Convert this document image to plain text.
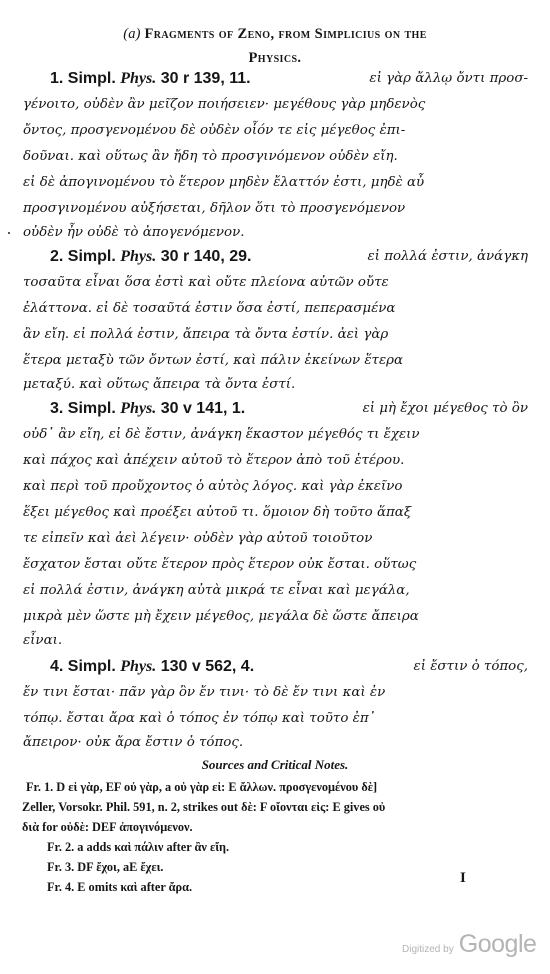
(a) Fragments of Zeno, from Simplicius on the
Physics.
1. Simpl. Phys. 30 r 139, 11.	εἰ γὰρ ἄλλῳ ὄντι προσ-
γένοιτο, οὐδὲν ἂν μεῖζον ποιήσειεν· μεγέθους γὰρ μηδενὸς
ὄντος, προσγενομένου δὲ οὐδὲν οἷόν τε εἰς μέγεθος ἐπι-
δοῦναι. καὶ οὕτως ἂν ἤδη τὸ προσγινόμενον οὐδὲν εἴη.
εἰ δὲ ἀπογινομένου τὸ ἕτερον μηδὲν ἔλαττόν ἐστι, μηδὲ αὖ
προσγινομένου αὐξήσεται, δῆλον ὅτι τὸ προσγενόμενον
οὐδὲν ἦν οὐδὲ τὸ ἀπογενόμενον.
2. Simpl. Phys. 30 r 140, 29.	εἰ πολλά ἐστιν, ἀνάγκη
τοσαῦτα εἶναι ὅσα ἐστὶ καὶ οὔτε πλείονα αὐτῶν οὔτε
ἐλάττονα. εἰ δὲ τοσαῦτά ἐστιν ὅσα ἐστί, πεπερασμένα
ἂν εἴη. εἰ πολλά ἐστιν, ἄπειρα τὰ ὄντα ἐστίν. ἀεὶ γὰρ
ἕτερα μεταξὺ τῶν ὄντων ἐστί, καὶ πάλιν ἐκείνων ἕτερα
μεταξύ. καὶ οὕτως ἄπειρα τὰ ὄντα ἐστί.
3. Simpl. Phys. 30 v 141, 1.	εἰ μὴ ἔχοι μέγεθος τὸ ὂν
οὐδ᾽ ἂν εἴη, εἰ δὲ ἔστιν, ἀνάγκη ἕκαστον μέγεθός τι ἔχειν
καὶ πάχος καὶ ἀπέχειν αὐτοῦ τὸ ἕτερον ἀπὸ τοῦ ἑτέρου.
καὶ περὶ τοῦ προὔχοντος ὁ αὐτὸς λόγος. καὶ γὰρ ἐκεῖνο
ἕξει μέγεθος καὶ προέξει αὐτοῦ τι. ὅμοιον δὴ τοῦτο ἅπαξ
τε εἰπεῖν καὶ ἀεὶ λέγειν· οὐδὲν γὰρ αὐτοῦ τοιοῦτον
ἔσχατον ἔσται οὔτε ἕτερον πρὸς ἕτερον οὐκ ἔσται. οὕτως
εἰ πολλά ἐστιν, ἀνάγκη αὐτὰ μικρά τε εἶναι καὶ μεγάλα,
μικρὰ μὲν ὥστε μὴ ἔχειν μέγεθος, μεγάλα δὲ ὥστε ἄπειρα
εἶναι.
4. Simpl. Phys. 130 v 562, 4.	εἰ ἔστιν ὁ τόπος,
ἔν τινι ἔσται· πᾶν γὰρ ὂν ἔν τινι· τὸ δὲ ἔν τινι καὶ ἐν
τόπῳ. ἔσται ἄρα καὶ ὁ τόπος ἐν τόπῳ καὶ τοῦτο ἐπ᾽
ἄπειρον· οὐκ ἄρα ἔστιν ὁ τόπος.
Sources and Critical Notes.
Fr. 1. D εἰ γὰρ, EF οὐ γὰρ, a οὐ γὰρ εἰ: E ἄλλων. προσγενομένου δὲ]
Zeller, Vorsokr. Phil. 591, n. 2, strikes out δὲ: F οἴονται εἰς: E gives οὐ
διὰ for οὐδὲ: DEF ἀπογινόμενον.
Fr. 2. a adds καὶ πάλιν after ἂν εἴη.
Fr. 3. DF ἔχοι, aE ἔχει.
Fr. 4. E omits καὶ after ἄρα.
I
Digitized by Google
